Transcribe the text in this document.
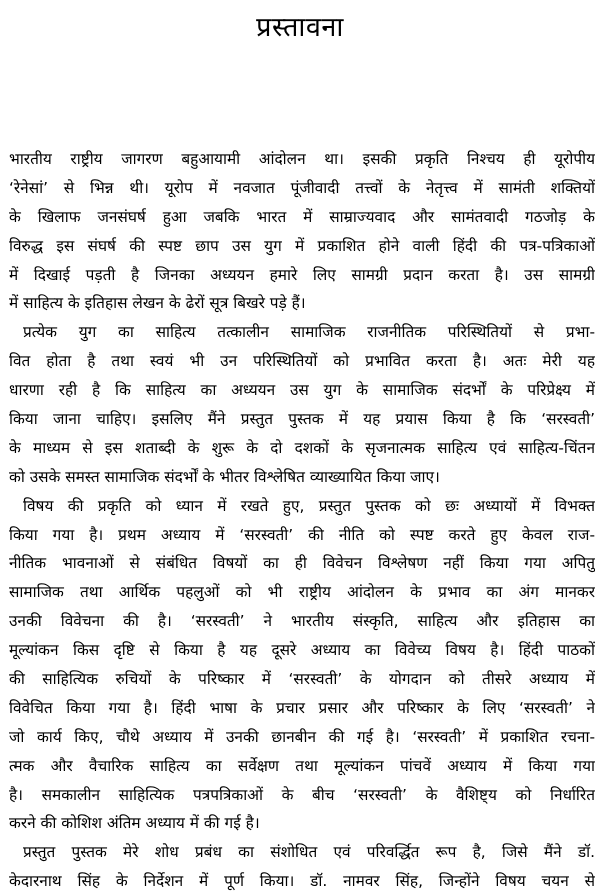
प्रस्तावना
भारतीय राष्ट्रीय जागरण बहुआयामी आंदोलन था। इसकी प्रकृति निश्चय ही यूरोपीय
‘रेनेसां’ से भिन्न थी। यूरोप में नवजात पूंजीवादी तत्त्वों के नेतृत्त्व में सामंती शक्तियों
के खिलाफ जनसंघर्ष हुआ जबकि भारत में साम्राज्यवाद और सामंतवादी गठजोड़ के
विरुद्ध इस संघर्ष की स्पष्ट छाप उस युग में प्रकाशित होने वाली हिंदी की पत्र-पत्रिकाओं
में दिखाई पड़ती है जिनका अध्ययन हमारे लिए सामग्री प्रदान करता है। उस सामग्री
में साहित्य के इतिहास लेखन के ढेरों सूत्र बिखरे पड़े हैं।
प्रत्येक युग का साहित्य तत्कालीन सामाजिक राजनीतिक परिस्थितियों से प्रभा-
वित होता है तथा स्वयं भी उन परिस्थितियों को प्रभावित करता है। अतः मेरी यह
धारणा रही है कि साहित्य का अध्ययन उस युग के सामाजिक संदर्भों के परिप्रेक्ष्य में
किया जाना चाहिए। इसलिए मैंने प्रस्तुत पुस्तक में यह प्रयास किया है कि ‘सरस्वती’
के माध्यम से इस शताब्दी के शुरू के दो दशकों के सृजनात्मक साहित्य एवं साहित्य-चिंतन
को उसके समस्त सामाजिक संदर्भों के भीतर विश्लेषित व्याख्यायित किया जाए।
विषय की प्रकृति को ध्यान में रखते हुए, प्रस्तुत पुस्तक को छः अध्यायों में विभक्त
किया गया है। प्रथम अध्याय में ‘सरस्वती’ की नीति को स्पष्ट करते हुए केवल राज-
नीतिक भावनाओं से संबंधित विषयों का ही विवेचन विश्लेषण नहीं किया गया अपितु
सामाजिक तथा आर्थिक पहलुओं को भी राष्ट्रीय आंदोलन के प्रभाव का अंग मानकर
उनकी विवेचना की है। ‘सरस्वती’ ने भारतीय संस्कृति, साहित्य और इतिहास का
मूल्यांकन किस दृष्टि से किया है यह दूसरे अध्याय का विवेच्य विषय है। हिंदी पाठकों
की साहित्यिक रुचियों के परिष्कार में ‘सरस्वती’ के योगदान को तीसरे अध्याय में
विवेचित किया गया है। हिंदी भाषा के प्रचार प्रसार और परिष्कार के लिए ‘सरस्वती’ ने
जो कार्य किए, चौथे अध्याय में उनकी छानबीन की गई है। ‘सरस्वती’ में प्रकाशित रचना-
त्मक और वैचारिक साहित्य का सर्वेक्षण तथा मूल्यांकन पांचवें अध्याय में किया गया
है। समकालीन साहित्यिक पत्रपत्रिकाओं के बीच ‘सरस्वती’ के वैशिष्ट्य को निर्धारित
करने की कोशिश अंतिम अध्याय में की गई है।
प्रस्तुत पुस्तक मेरे शोध प्रबंध का संशोधित एवं परिवर्द्धित रूप है, जिसे मैंने डॉ.
केदारनाथ सिंह के निर्देशन में पूर्ण किया। डॉ. नामवर सिंह, जिन्होंने विषय चयन से
